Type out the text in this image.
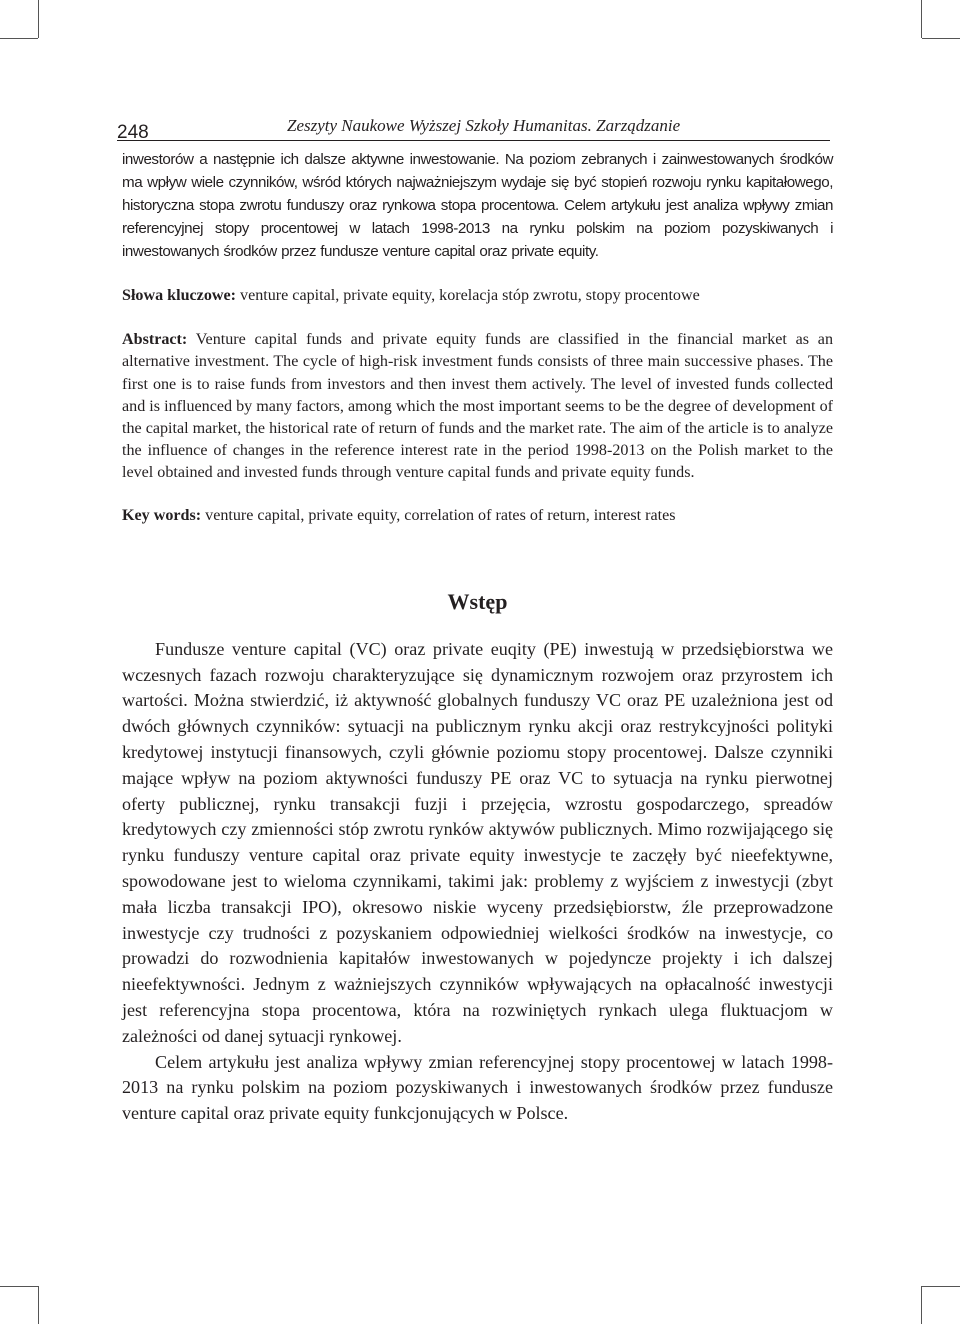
248	Zeszyty Naukowe Wyższej Szkoły Humanitas. Zarządzanie

inwestorów a następnie ich dalsze aktywne inwestowanie. Na poziom zebranych i zainwestowanych środków ma wpływ wiele czynników, wśród których najważniejszym wydaje się być stopień rozwoju rynku kapitałowego, historyczna stopa zwrotu funduszy oraz rynkowa stopa procentowa. Celem artykułu jest analiza wpływy zmian referencyjnej stopy procentowej w latach 1998-2013 na rynku polskim na poziom pozyskiwanych i inwestowanych środków przez fundusze venture capital oraz private equity.

Słowa kluczowe: venture capital, private equity, korelacja stóp zwrotu, stopy procentowe

Abstract: Venture capital funds and private equity funds are classified in the financial market as an alternative investment. The cycle of high-risk investment funds consists of three main successive phases. The first one is to raise funds from investors and then invest them actively. The level of invested funds collected and is influenced by many factors, among which the most important seems to be the degree of development of the capital market, the historical rate of return of funds and the market rate. The aim of the article is to analyze the influence of changes in the reference interest rate in the period 1998-2013 on the Polish market to the level obtained and invested funds through venture capital funds and private equity funds.

Key words: venture capital, private equity, correlation of rates of return, interest rates

Wstęp

Fundusze venture capital (VC) oraz private euqity (PE) inwestują w przedsiębiorstwa we wczesnych fazach rozwoju charakteryzujące się dynamicznym rozwojem oraz przyrostem ich wartości. Można stwierdzić, iż aktywność globalnych funduszy VC oraz PE uzależniona jest od dwóch głównych czynników: sytuacji na publicznym rynku akcji oraz restrykcyjności polityki kredytowej instytucji finansowych, czyli głównie poziomu stopy procentowej. Dalsze czynniki mające wpływ na poziom aktywności funduszy PE oraz VC to sytuacja na rynku pierwotnej oferty publicznej, rynku transakcji fuzji i przejęcia, wzrostu gospodarczego, spreadów kredytowych czy zmienności stóp zwrotu rynków aktywów publicznych. Mimo rozwijającego się rynku funduszy venture capital oraz private equity inwestycje te zaczęły być nieefektywne, spowodowane jest to wieloma czynnikami, takimi jak: problemy z wyjściem z inwestycji (zbyt mała liczba transakcji IPO), okresowo niskie wyceny przedsiębiorstw, źle przeprowadzone inwestycje czy trudności z pozyskaniem odpowiedniej wielkości środków na inwestycje, co prowadzi do rozwodnienia kapitałów inwestowanych w pojedyncze projekty i ich dalszej nieefektywności. Jednym z ważniejszych czynników wpływających na opłacalność inwestycji jest referencyjna stopa procentowa, która na rozwiniętych rynkach ulega fluktuacjom w zależności od danej sytuacji rynkowej.

Celem artykułu jest analiza wpływy zmian referencyjnej stopy procentowej w latach 1998-2013 na rynku polskim na poziom pozyskiwanych i inwestowanych środków przez fundusze venture capital oraz private equity funkcjonujących w Polsce.
